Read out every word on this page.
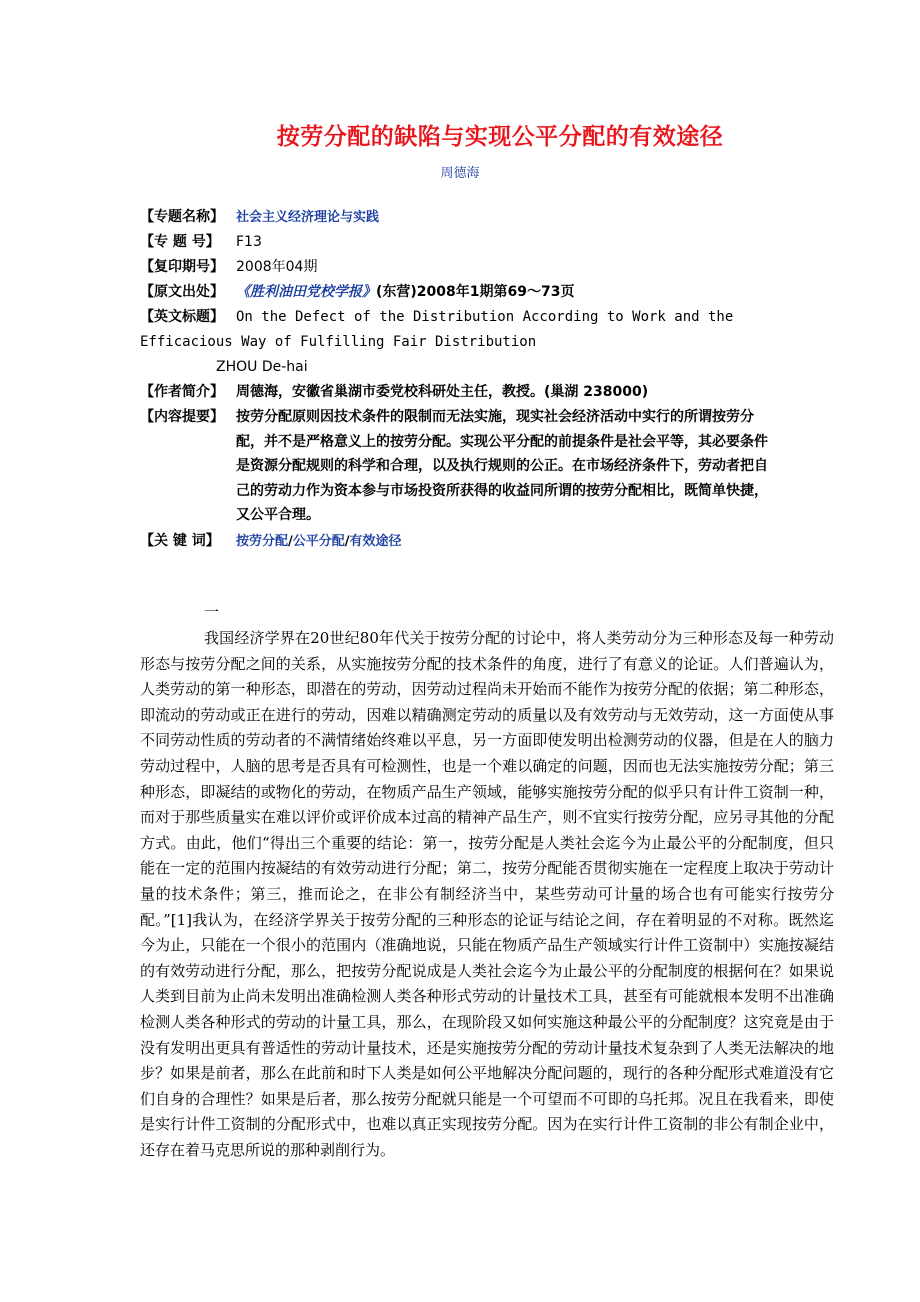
按劳分配的缺陷与实现公平分配的有效途径
周德海
【专题名称】 社会主义经济理论与实践
【专 题 号】	F13
【复印期号】 2008年04期
【原文出处】 《胜利油田党校学报》(东营)2008年1期第69～73页
【英文标题】 On the Defect of the Distribution According to Work and the
Efficacious Way of Fulfilling Fair Distribution
ZHOU De-hai
【作者简介】 周德海，安徽省巢湖市委党校科研处主任，教授。(巢湖 238000)
【内容提要】 按劳分配原则因技术条件的限制而无法实施，现实社会经济活动中实行的所谓按劳分配，并不是严格意义上的按劳分配。实现公平分配的前提条件是社会平等，其必要条件是资源分配规则的科学和合理，以及执行规则的公正。在市场经济条件下，劳动者把自己的劳动力作为资本参与市场投资所获得的收益同所谓的按劳分配相比，既简单快捷，又公平合理。
【关 键 词】	按劳分配/公平分配/有效途径
一
我国经济学界在20世纪80年代关于按劳分配的讨论中，将人类劳动分为三种形态及每一种劳动形态与按劳分配之间的关系，从实施按劳分配的技术条件的角度，进行了有意义的论证。人们普遍认为，人类劳动的第一种形态，即潜在的劳动，因劳动过程尚未开始而不能作为按劳分配的依据；第二种形态，即流动的劳动或正在进行的劳动，因难以精确测定劳动的质量以及有效劳动与无效劳动，这一方面使从事不同劳动性质的劳动者的不满情绪始终难以平息，另一方面即使发明出检测劳动的仪器，但是在人的脑力劳动过程中，人脑的思考是否具有可检测性，也是一个难以确定的问题，因而也无法实施按劳分配；第三种形态，即凝结的或物化的劳动，在物质产品生产领域，能够实施按劳分配的似乎只有计件工资制一种，而对于那些质量实在难以评价或评价成本过高的精神产品生产，则不宜实行按劳分配，应另寻其他的分配方式。由此，他们“得出三个重要的结论：第一，按劳分配是人类社会迄今为止最公平的分配制度，但只能在一定的范围内按凝结的有效劳动进行分配；第二，按劳分配能否贯彻实施在一定程度上取决于劳动计量的技术条件；第三，推而论之，在非公有制经济当中，某些劳动可计量的场合也有可能实行按劳分配。”[1]我认为，在经济学界关于按劳分配的三种形态的论证与结论之间，存在着明显的不对称。既然迄今为止，只能在一个很小的范围内（准确地说，只能在物质产品生产领域实行计件工资制中）实施按凝结的有效劳动进行分配，那么，把按劳分配说成是人类社会迄今为止最公平的分配制度的根据何在？如果说人类到目前为止尚未发明出准确检测人类各种形式劳动的计量技术工具，甚至有可能就根本发明不出准确检测人类各种形式的劳动的计量工具，那么，在现阶段又如何实施这种最公平的分配制度？这究竟是由于没有发明出更具有普适性的劳动计量技术，还是实施按劳分配的劳动计量技术复杂到了人类无法解决的地步？如果是前者，那么在此前和时下人类是如何公平地解决分配问题的，现行的各种分配形式难道没有它们自身的合理性？如果是后者，那么按劳分配就只能是一个可望而不可即的乌托邦。况且在我看来，即使是实行计件工资制的分配形式中，也难以真正实现按劳分配。因为在实行计件工资制的非公有制企业中，还存在着马克思所说的那种剥削行为。
